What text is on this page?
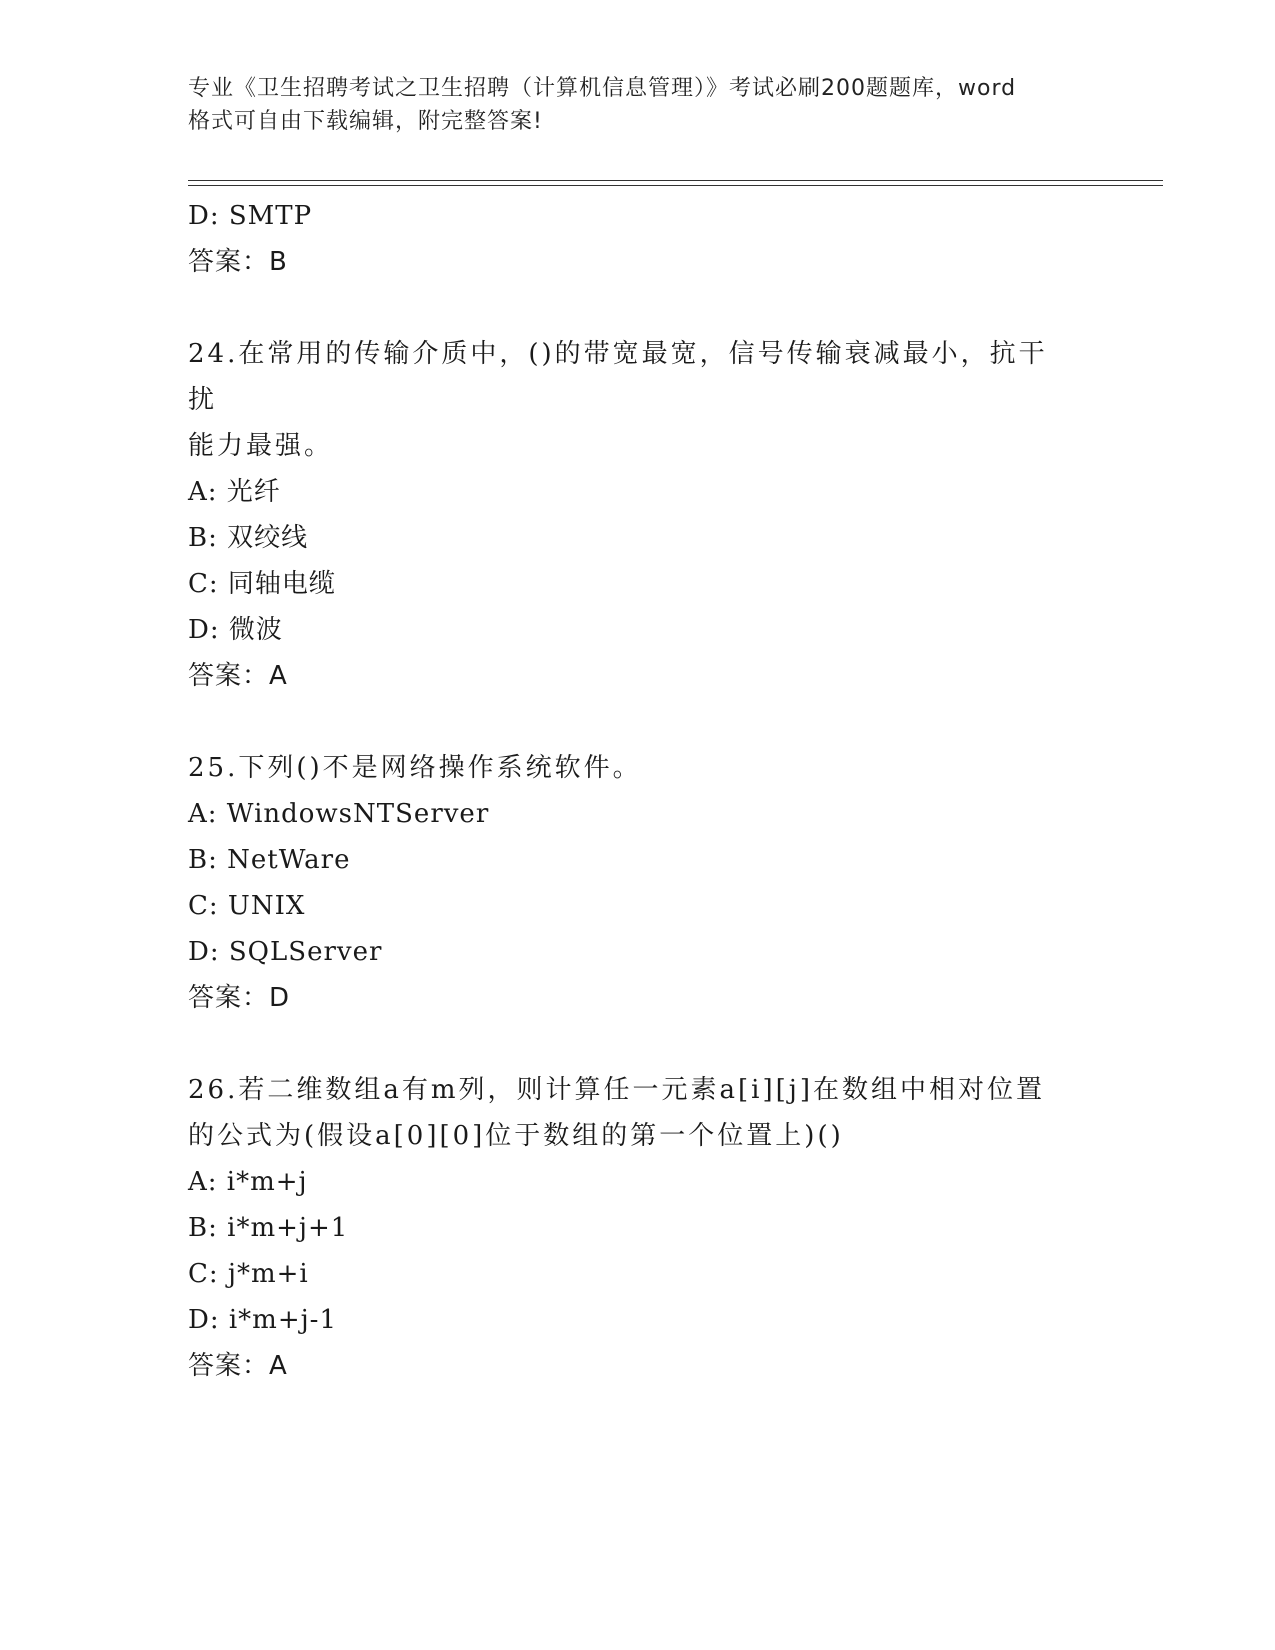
专业《卫生招聘考试之卫生招聘（计算机信息管理）》考试必刷200题题库，word
格式可自由下载编辑，附完整答案!
D: SMTP
答案：B
24.在常用的传输介质中，()的带宽最宽，信号传输衰减最小，抗干扰
能力最强。
A: 光纤
B: 双绞线
C: 同轴电缆
D: 微波
答案：A
25.下列()不是网络操作系统软件。
A: WindowsNTServer
B: NetWare
C: UNIX
D: SQLServer
答案：D
26.若二维数组a有m列，则计算任一元素a[i][j]在数组中相对位置
的公式为(假设a[0][0]位于数组的第一个位置上)()
A: i*m+j
B: i*m+j+1
C: j*m+i
D: i*m+j-1
答案：A
